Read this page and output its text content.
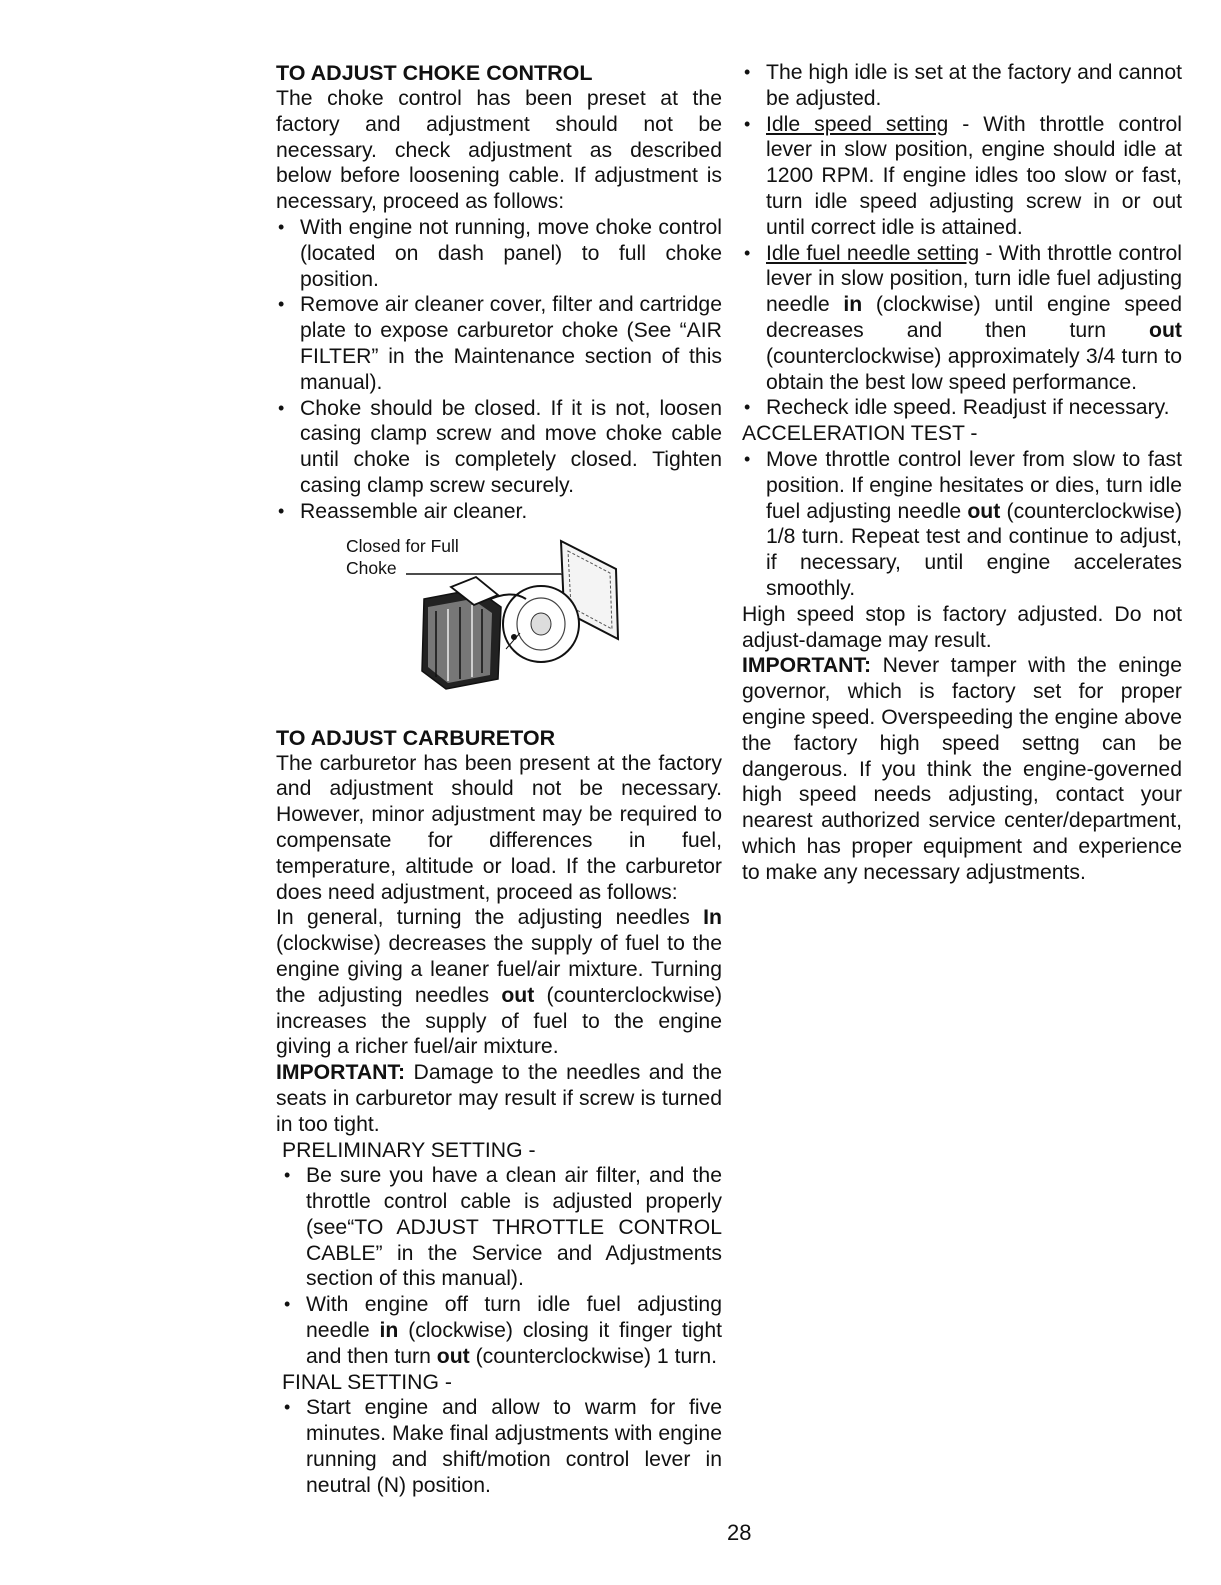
TO ADJUST CHOKE CONTROL

The choke control has been preset at the factory and adjustment should not be necessary. check adjustment as described below before loosening cable. If adjustment is necessary, proceed as follows:

• With engine not running, move choke control (located on dash panel) to full choke position.
• Remove air cleaner cover, filter and cartridge plate to expose carburetor choke (See “AIR FILTER” in the Maintenance section of this manual).
• Choke should be closed. If it is not, loosen casing clamp screw and move choke cable until choke is completely closed. Tighten casing clamp screw securely.
• Reassemble air cleaner.
Closed for Full
Choke
TO ADJUST CARBURETOR

The carburetor has been present at the factory and adjustment should not be necessary. However, minor adjustment may be required to compensate for differences in fuel, temperature, altitude or load. If the carburetor does need adjustment, proceed as follows:

In general, turning the adjusting needles In (clockwise) decreases the supply of fuel to the engine giving a leaner fuel/air mixture. Turning the adjusting needles out (counterclockwise) increases the supply of fuel to the engine giving a richer fuel/air mixture.

IMPORTANT: Damage to the needles and the seats in carburetor may result if screw is turned in too tight.

PRELIMINARY SETTING -
• Be sure you have a clean air filter, and the throttle control cable is adjusted properly (see“TO ADJUST THROTTLE CONTROL CABLE” in the Service and Adjustments section of this manual).
• With engine off turn idle fuel adjusting needle in (clockwise) closing it finger tight and then turn out (counterclockwise) 1 turn.
FINAL SETTING -
• Start engine and allow to warm for five minutes. Make final adjustments with engine running and shift/motion control lever in neutral (N) position.
• The high idle is set at the factory and cannot be adjusted.
• Idle speed setting - With throttle control lever in slow position, engine should idle at 1200 RPM. If engine idles too slow or fast, turn idle speed adjusting screw in or out until correct idle is attained.
• Idle fuel needle setting - With throttle control lever in slow position, turn idle fuel adjusting needle in (clockwise) until engine speed decreases and then turn out (counterclockwise) approximately 3/4 turn to obtain the best low speed performance.
• Recheck idle speed. Readjust if necessary.
ACCELERATION TEST -
• Move throttle control lever from slow to fast position. If engine hesitates or dies, turn idle fuel adjusting needle out (counterclockwise) 1/8 turn. Repeat test and continue to adjust, if necessary, until engine accelerates smoothly.

High speed stop is factory adjusted. Do not adjust-damage may result.

IMPORTANT: Never tamper with the eninge governor, which is factory set for proper engine speed. Overspeeding the engine above the factory high speed settng can be dangerous. If you think the engine-governed high speed needs adjusting, contact your nearest authorized service center/department, which has proper equipment and experience to make any necessary adjustments.

28
